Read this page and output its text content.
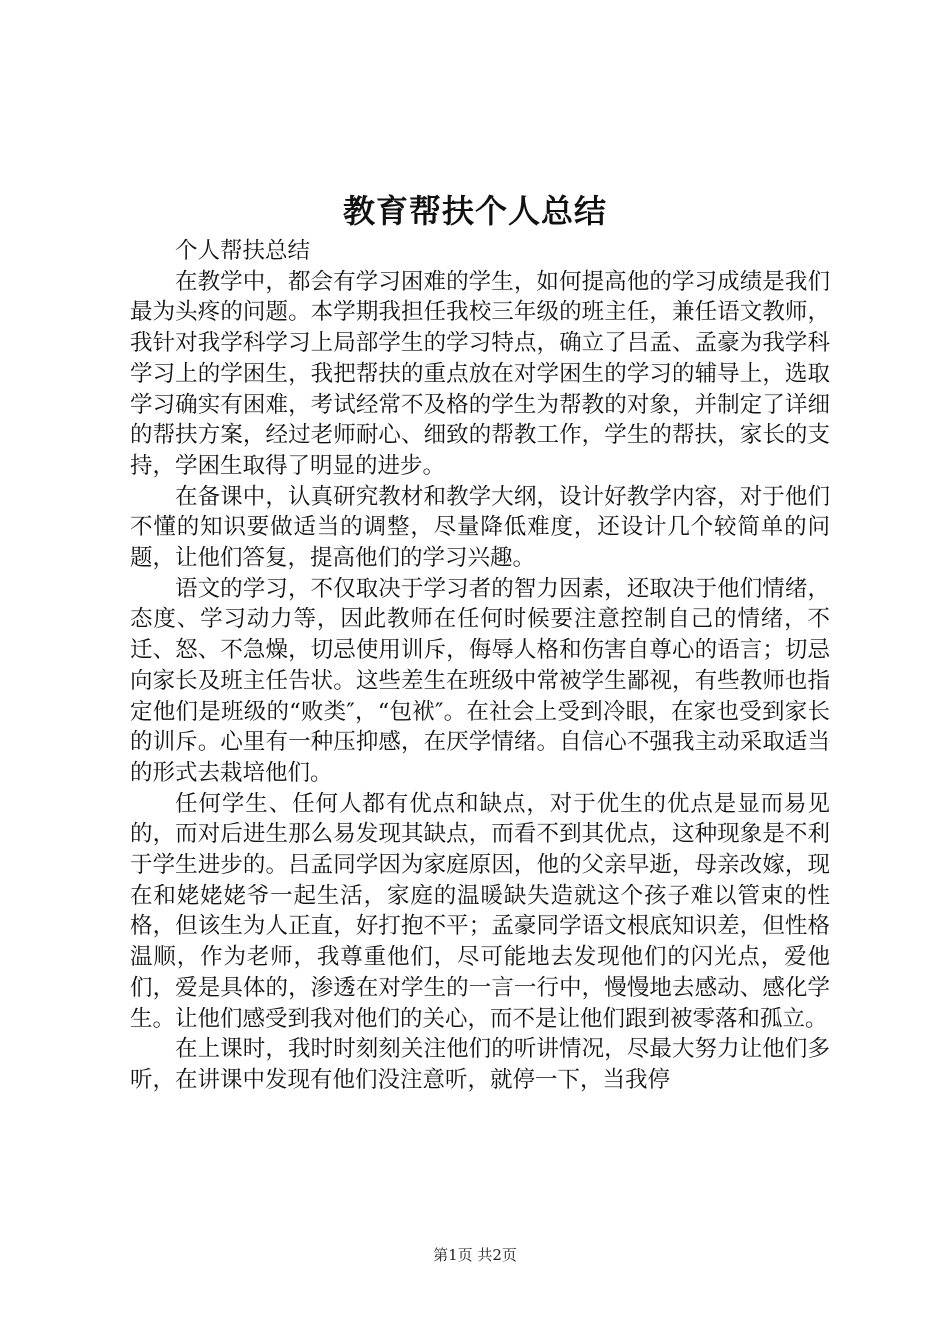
教育帮扶个人总结

个人帮扶总结

在教学中，都会有学习困难的学生，如何提高他的学习成绩是我们最为头疼的问题。本学期我担任我校三年级的班主任，兼任语文教师，我针对我学科学习上局部学生的学习特点，确立了吕孟、孟豪为我学科学习上的学困生，我把帮扶的重点放在对学困生的学习的辅导上，选取学习确实有困难，考试经常不及格的学生为帮教的对象，并制定了详细的帮扶方案，经过老师耐心、细致的帮教工作，学生的帮扶，家长的支持，学困生取得了明显的进步。

在备课中，认真研究教材和教学大纲，设计好教学内容，对于他们不懂的知识要做适当的调整，尽量降低难度，还设计几个较简单的问题，让他们答复，提高他们的学习兴趣。

语文的学习，不仅取决于学习者的智力因素，还取决于他们情绪，态度、学习动力等，因此教师在任何时候要注意控制自己的情绪，不迁、怒、不急燥，切忌使用训斥，侮辱人格和伤害自尊心的语言；切忌向家长及班主任告状。这些差生在班级中常被学生鄙视，有些教师也指定他们是班级的“败类″，“包袱″。在社会上受到冷眼，在家也受到家长的训斥。心里有一种压抑感，在厌学情绪。自信心不强我主动采取适当的形式去栽培他们。

任何学生、任何人都有优点和缺点，对于优生的优点是显而易见的，而对后进生那么易发现其缺点，而看不到其优点，这种现象是不利于学生进步的。吕孟同学因为家庭原因，他的父亲早逝，母亲改嫁，现在和姥姥姥爷一起生活，家庭的温暖缺失造就这个孩子难以管束的性格，但该生为人正直，好打抱不平；孟豪同学语文根底知识差，但性格温顺，作为老师，我尊重他们，尽可能地去发现他们的闪光点，爱他们，爱是具体的，渗透在对学生的一言一行中，慢慢地去感动、感化学生。让他们感受到我对他们的关心，而不是让他们跟到被零落和孤立。

在上课时，我时时刻刻关注他们的听讲情况，尽最大努力让他们多听，在讲课中发现有他们没注意听，就停一下，当我停

第1页 共2页
